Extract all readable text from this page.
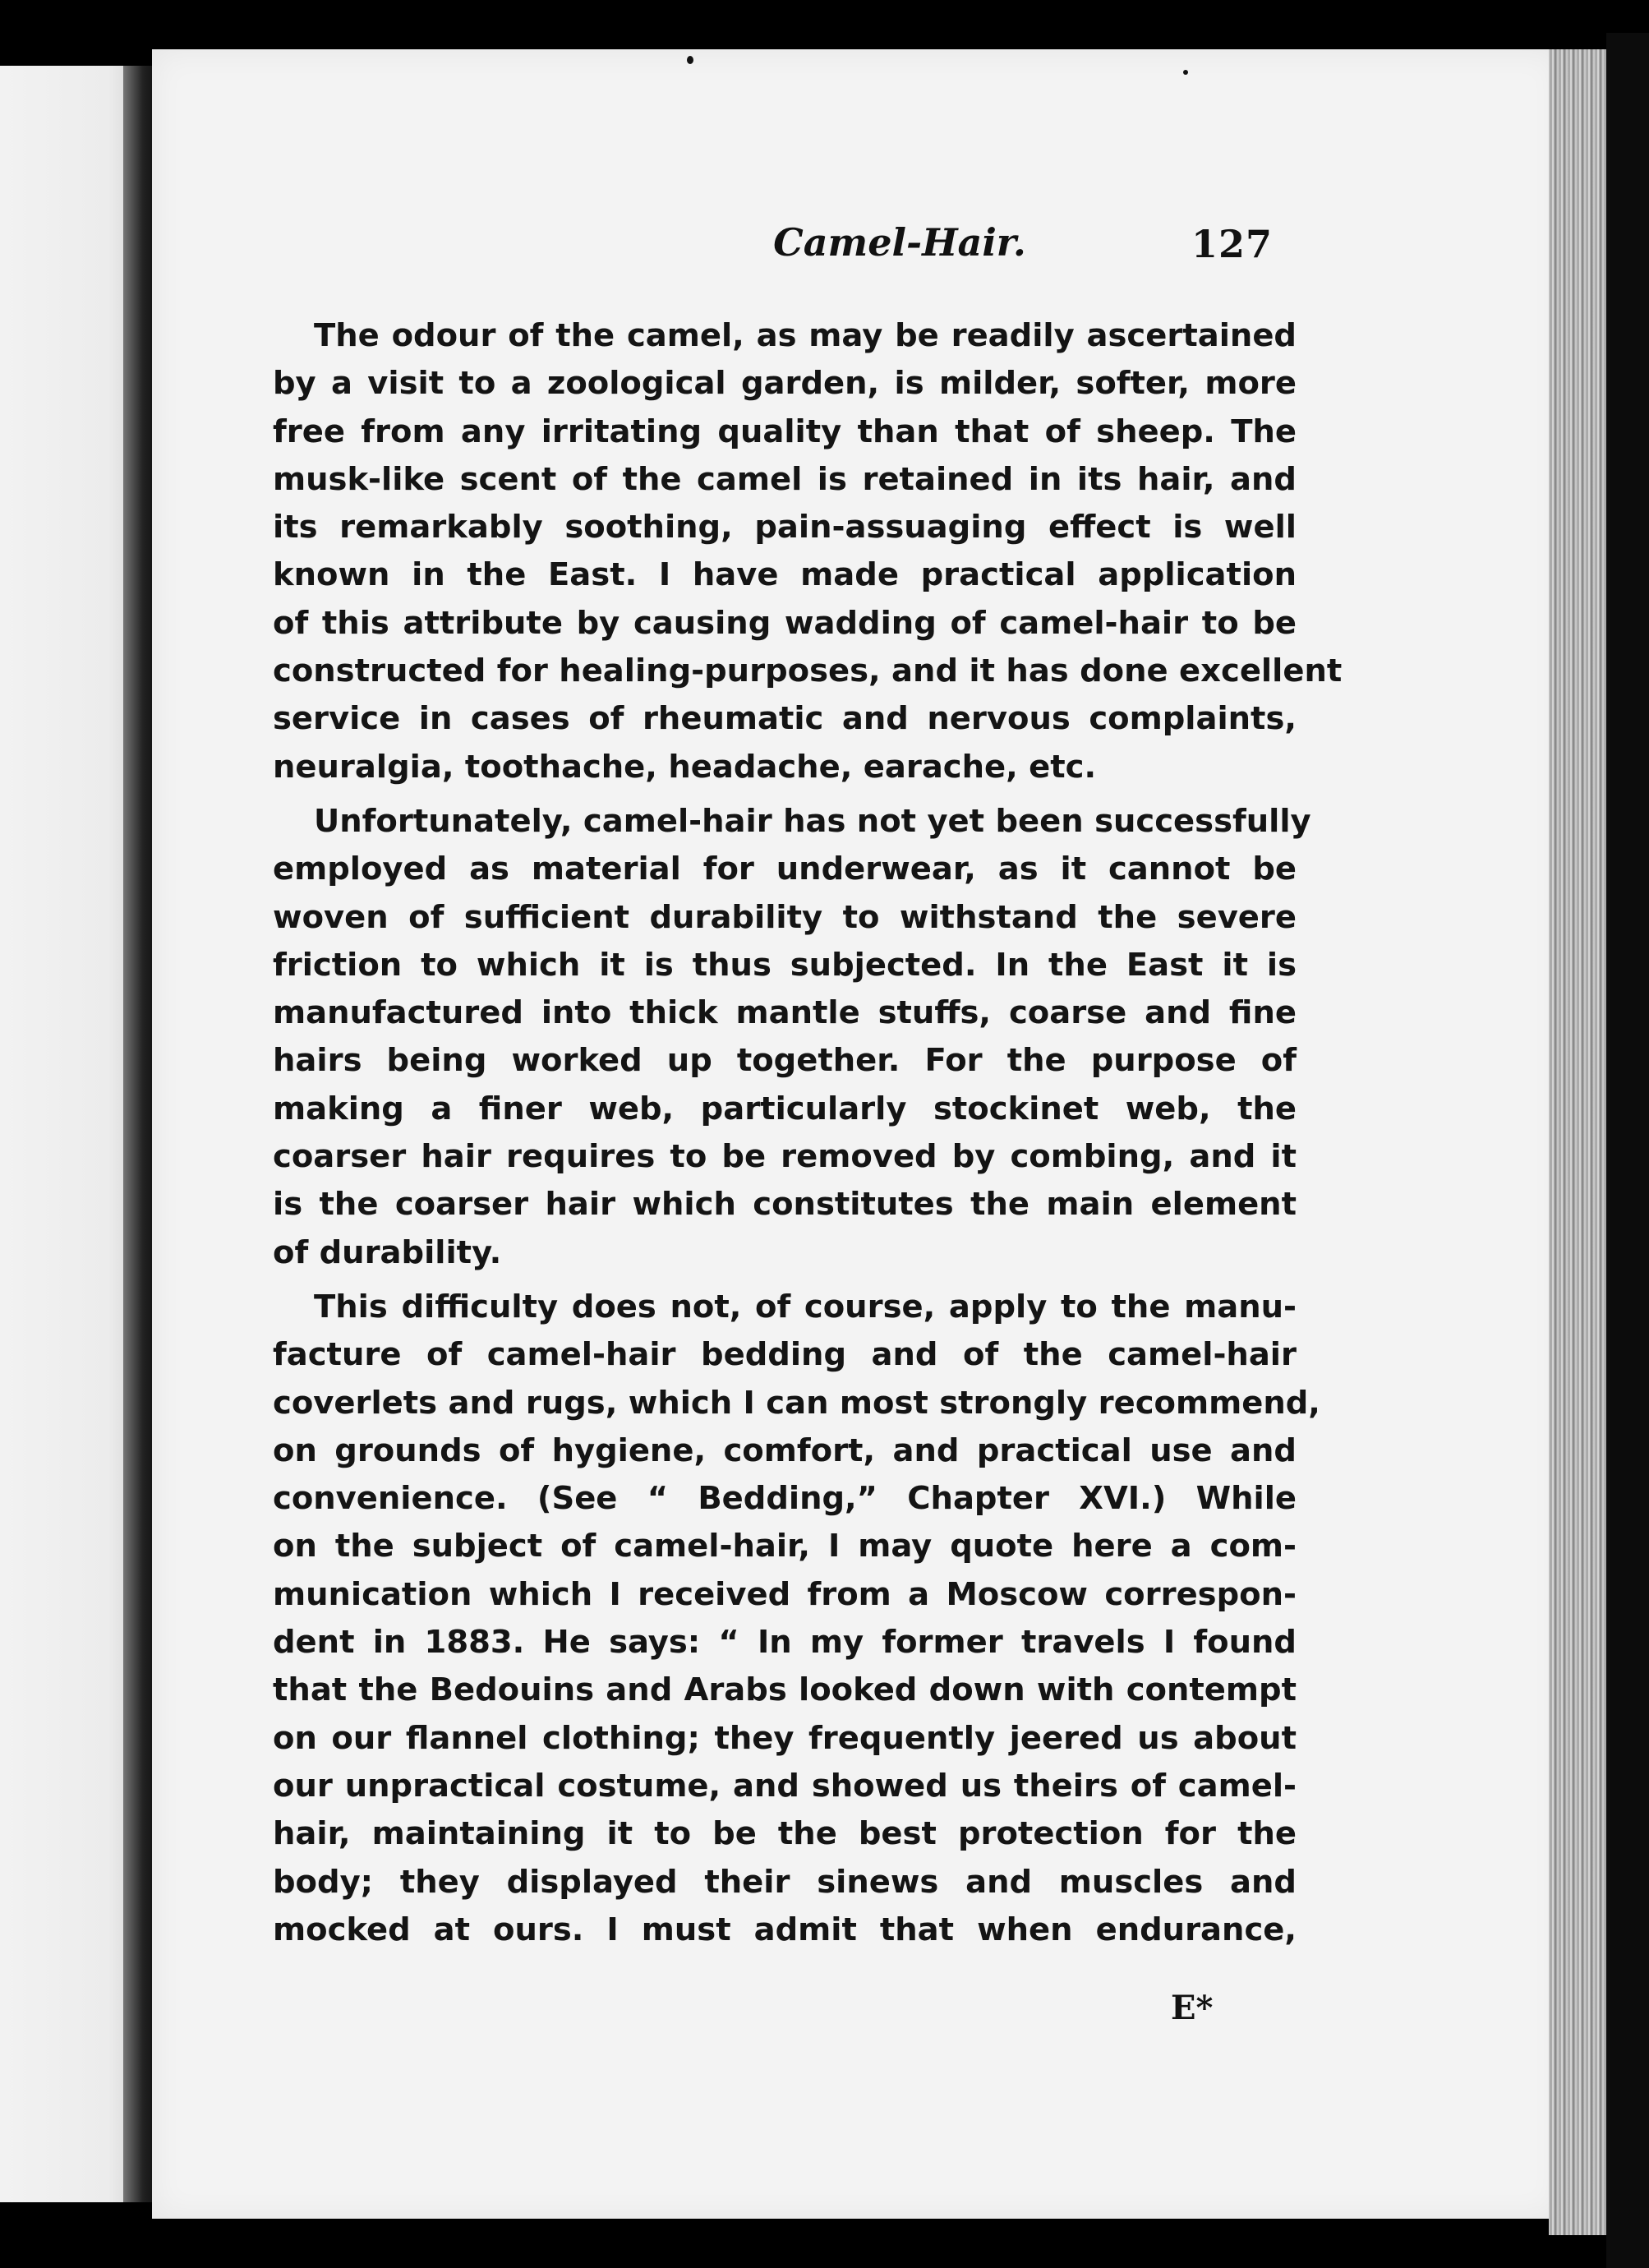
Camel-Hair.	127
The odour of the camel, as may be readily ascertained
by a visit to a zoological garden, is milder, softer, more
free from any irritating quality than that of sheep. The
musk-like scent of the camel is retained in its hair, and
its remarkably soothing, pain-assuaging effect is well
known in the East. I have made practical application
of this attribute by causing wadding of camel-hair to be
constructed for healing-purposes, and it has done excellent
service in cases of rheumatic and nervous complaints,
neuralgia, toothache, headache, earache, etc.
Unfortunately, camel-hair has not yet been successfully
employed as material for underwear, as it cannot be
woven of sufficient durability to withstand the severe
friction to which it is thus subjected. In the East it is
manufactured into thick mantle stuffs, coarse and fine
hairs being worked up together. For the purpose of
making a finer web, particularly stockinet web, the
coarser hair requires to be removed by combing, and it
is the coarser hair which constitutes the main element
of durability.
This difficulty does not, of course, apply to the manu-
facture of camel-hair bedding and of the camel-hair
coverlets and rugs, which I can most strongly recommend,
on grounds of hygiene, comfort, and practical use and
convenience. (See “ Bedding,” Chapter XVI.) While
on the subject of camel-hair, I may quote here a com-
munication which I received from a Moscow correspon-
dent in 1883. He says: “ In my former travels I found
that the Bedouins and Arabs looked down with contempt
on our flannel clothing; they frequently jeered us about
our unpractical costume, and showed us theirs of camel-
hair, maintaining it to be the best protection for the
body; they displayed their sinews and muscles and
mocked at ours. I must admit that when endurance,
E*
